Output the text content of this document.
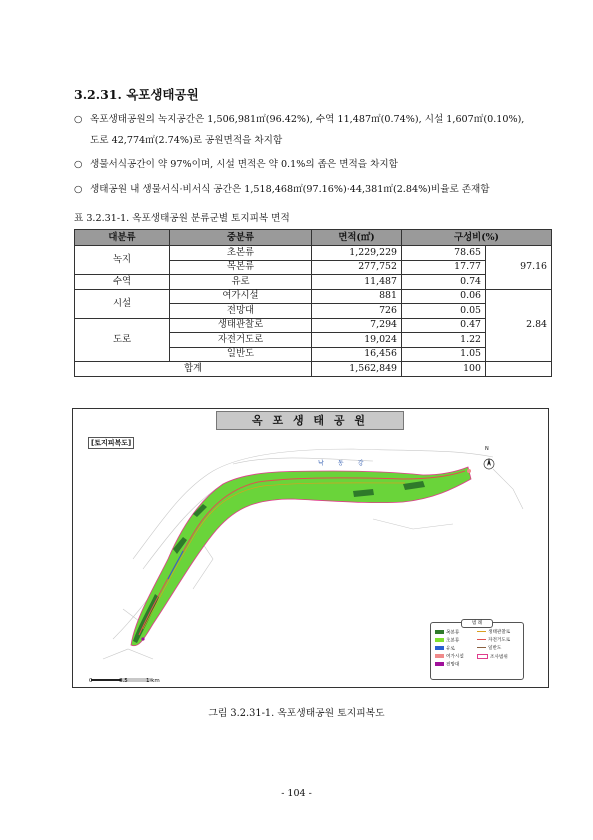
3.2.31. 옥포생태공원
○ 옥포생태공원의 녹지공간은 1,506,981㎡(96.42%), 수역 11,487㎡(0.74%), 시설 1,607㎡(0.10%),
도로 42,774㎡(2.74%)로 공원면적을 차지함
○ 생물서식공간이 약 97%이며, 시설 면적은 약 0.1%의 좁은 면적을 차지함
○ 생태공원 내 생물서식·비서식 공간은 1,518,468㎡(97.16%)·44,381㎡(2.84%)비율로 존재함
표 3.2.31-1. 옥포생태공원 분류군별 토지피복 면적
대분류	중분류	면적(㎡)	구성비(%)	
녹지	초본류	1,229,229	78.65	97.16
	목본류	277,752	17.77	
수역	유로	11,487	0.74	
시설	여가시설	881	0.06	2.84
	전망대	726	0.05	
도로	생태관찰로	7,294	0.47	
	자전거도로	19,024	1.22	
	일반도	16,456	1.05	
합계		1,562,849	100	
옥 포 생 태 공 원
[토지피복도]
낙동강
N
0	0.5	1 km
범 례
목본류
초본류
유로
여가시설
전망대
생태관찰로
자전거도로
일반도
조사범위
그림 3.2.31-1. 옥포생태공원 토지피복도
- 104 -
